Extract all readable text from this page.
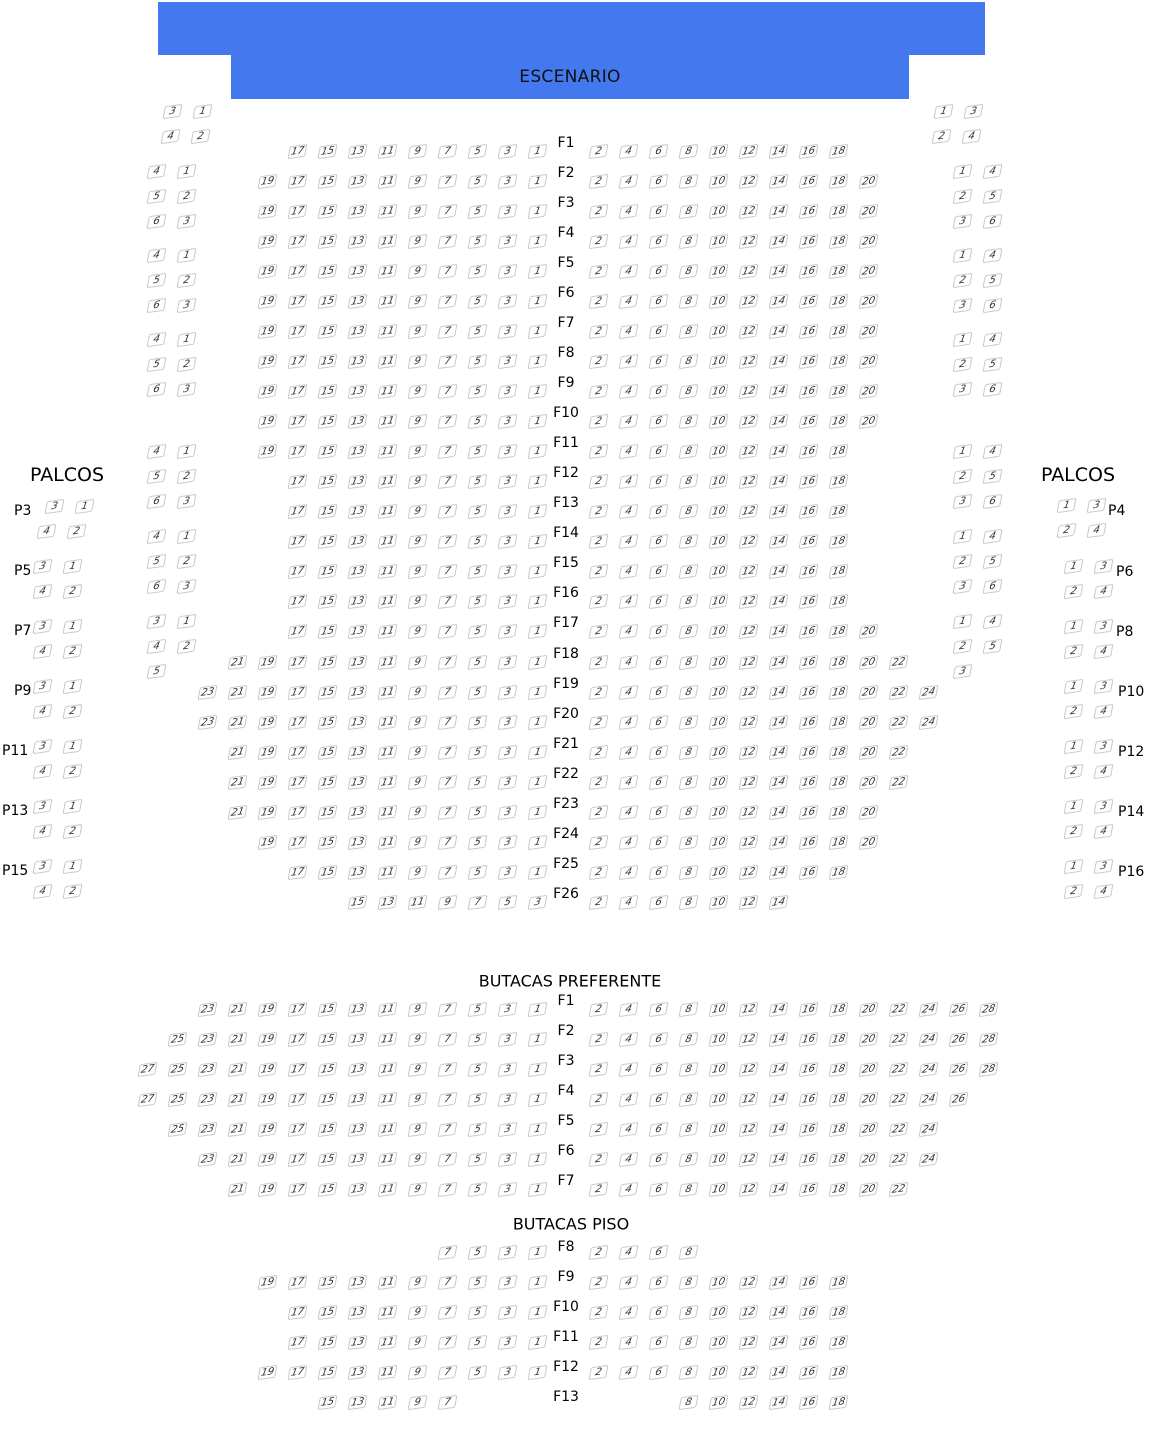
ESCENARIO
PALCOS	PALCOS
BUTACAS PREFERENTE
BUTACAS PISO
F1
17 15 13 11	9	7	5	3	1	2	4	6	8	10 12 14 16 18
F2
19 17 15 13 11	9	7	5	3	1	2	4	6	8	10 12 14 16 18 20
F3
19 17 15 13 11	9	7	5	3	1	2	4	6	8	10 12 14 16 18 20
F4
19 17 15 13 11	9	7	5	3	1	2	4	6	8	10 12 14 16 18 20
F5
19 17 15 13 11	9	7	5	3	1	2	4	6	8	10 12 14 16 18 20
F6
19 17 15 13 11	9	7	5	3	1	2	4	6	8	10 12 14 16 18 20
F7
19 17 15 13 11	9	7	5	3	1	2	4	6	8	10 12 14 16 18 20
F8
19 17 15 13 11	9	7	5	3	1	2	4	6	8	10 12 14 16 18 20
F9
19 17 15 13 11	9	7	5	3	1	2	4	6	8	10 12 14 16 18 20
F10
19 17 15 13 11	9	7	5	3	1	2	4	6	8	10 12 14 16 18 20
F11
19 17 15 13 11	9	7	5	3	1	2	4	6	8	10 12 14 16 18
F12
17 15 13 11	9	7	5	3	1	2	4	6	8	10 12 14 16 18
F13
17 15 13 11	9	7	5	3	1	2	4	6	8	10 12 14 16 18
F14
17 15 13 11	9	7	5	3	1	2	4	6	8	10 12 14 16 18
F15
17 15 13 11	9	7	5	3	1	2	4	6	8	10 12 14 16 18
F16
17 15 13 11	9	7	5	3	1	2	4	6	8	10 12 14 16 18
F17
17 15 13 11	9	7	5	3	1	2	4	6	8	10 12 14 16 18 20
F18
21 19 17 15 13 11	9	7	5	3	1	2	4	6	8	10 12 14 16 18 20 22
F19
23 21 19 17 15 13 11	9	7	5	3	1	2	4	6	8	10 12 14 16 18 20 22 24
F20
23 21 19 17 15 13 11	9	7	5	3	1	2	4	6	8	10 12 14 16 18 20 22 24
F21
21 19 17 15 13 11	9	7	5	3	1	2	4	6	8	10 12 14 16 18 20 22
F22
21 19 17 15 13 11	9	7	5	3	1	2	4	6	8	10 12 14 16 18 20 22
F23
21 19 17 15 13 11	9	7	5	3	1	2	4	6	8	10 12 14 16 18 20
F24
19 17 15 13 11	9	7	5	3	1	2	4	6	8	10 12 14 16 18 20
F25
17 15 13 11	9	7	5	3	1	2	4	6	8	10 12 14 16 18
F26
15 13 11	9	7	5	3	2	4	6	8	10 12 14
F1
23 21 19 17 15 13 11	9	7	5	3	1	2	4	6	8	10 12 14 16 18 20 22 24 26 28
F2
25 23 21 19 17 15 13 11	9	7	5	3	1	2	4	6	8	10 12 14 16 18 20 22 24 26 28
F3
27 25 23 21 19 17 15 13 11	9	7	5	3	1	2	4	6	8	10 12 14 16 18 20 22 24 26 28
F4
27 25 23 21 19 17 15 13 11	9	7	5	3	1	2	4	6	8	10 12 14 16 18 20 22 24 26
F5
25 23 21 19 17 15 13 11	9	7	5	3	1	2	4	6	8	10 12 14 16 18 20 22 24
F6
23 21 19 17 15 13 11	9	7	5	3	1	2	4	6	8	10 12 14 16 18 20 22 24
F7
21 19 17 15 13 11	9	7	5	3	1	2	4	6	8	10 12 14 16 18 20 22
F8
7	5	3	1	2	4	6	8
F9
19 17 15 13 11	9	7	5	3	1	2	4	6	8	10 12 14 16 18
F10
17 15 13 11	9	7	5	3	1	2	4	6	8	10 12 14 16 18
F11
17 15 13 11	9	7	5	3	1	2	4	6	8	10 12 14 16 18
F12
19 17 15 13 11	9	7	5	3	1	2	4	6	8	10 12 14 16 18
F13
15 13 11	9	7	8	10 12 14 16 18
3	1
4	2
1	3
2	4
4	1
5	2
6	3
4	1
5	2
6	3
4	1
5	2
6	3
4	1
5	2
6	3
4	1
5	2
6	3
3	1
4	2
5
1	4
2	5
3	6
1	4
2	5
3	6
1	4
2	5
3	6
1	4
2	5
3	6
1	4
2	5
3	6
1	4
2	5
3
P3	3	1
4	2
P5 3	1
4	2
P7 3	1
4	2
P9 3	1
4	2
P11 3	1
4	2
P13 3	1
4	2
P15 3	1
4	2
P4
1	3
2	4
P6
1	3
2	4
P8
1	3
2	4
P10
1	3
2	4
P12
1	3
2	4
P14
1	3
2	4
P16
1	3
2	4
